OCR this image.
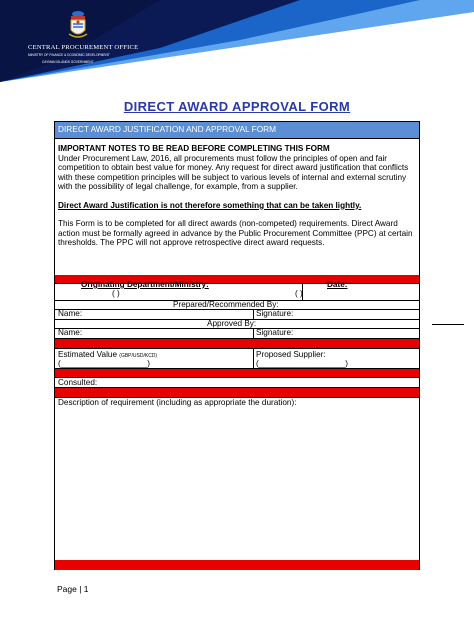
CENTRAL PROCUREMENT OFFICE
MINISTRY OF FINANCE & ECONOMIC DEVELOPMENT
CAYMAN ISLANDS GOVERNMENT
DIRECT AWARD APPROVAL FORM
DIRECT AWARD JUSTIFICATION AND APPROVAL FORM
IMPORTANT NOTES TO BE READ BEFORE COMPLETING THIS FORM
Under Procurement Law, 2016, all procurements must follow the principles of open and fair competition to obtain best value for money. Any request for direct award justification that conflicts with these competition principles will be subject to various levels of internal and external scrutiny with the possibility of legal challenge, for example, from a supplier.
Direct Award Justification is not therefore something that can be taken lightly.
This Form is to be completed for all direct awards (non-competed) requirements. Direct Award action must be formally agreed in advance by the Public Procurement Committee (PPC) at certain thresholds. The PPC will not approve retrospective direct award requests.
Originating Department/Ministry:
( )
Date:
( )
Prepared/Recommended By:
Name:	Signature:
Approved By:
Name:	Signature:
Estimated Value (GBP/USD/KCD)
(___________________)
Proposed Supplier:
(___________________)
Consulted:
Description of requirement (including as appropriate the duration):
Page | 1
